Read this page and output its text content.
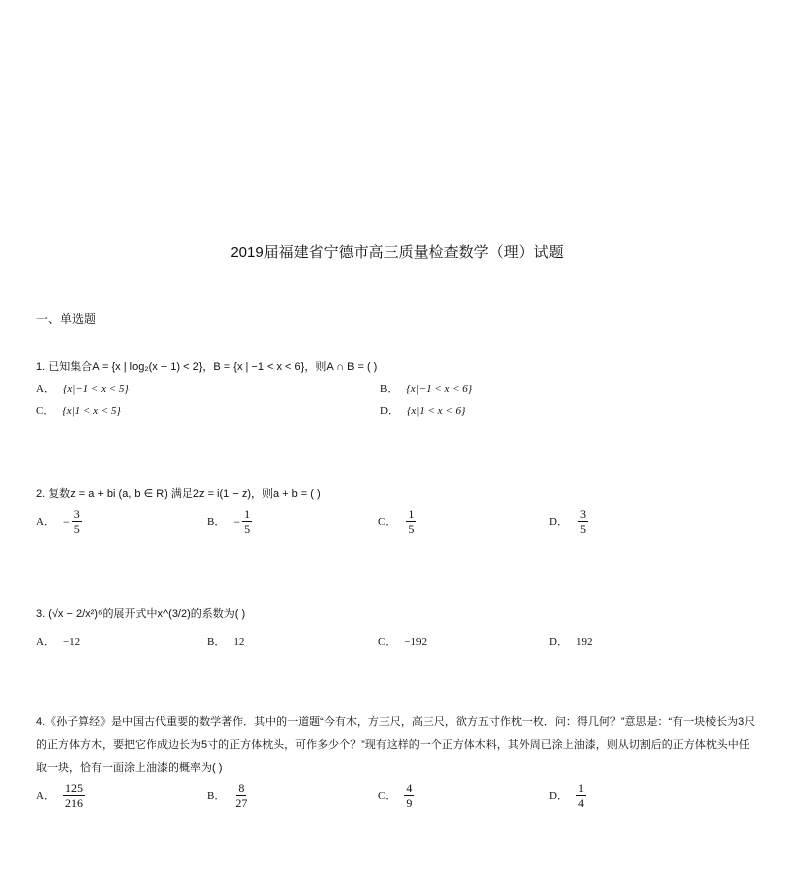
2019届福建省宁德市高三质量检查数学（理）试题
一、单选题
1. 已知集合A = {x | log₂(x − 1) < 2}，B = {x | −1 < x < 6}，则A ∩ B = ( )
A． {x|−1 < x < 5}	B． {x|−1 < x < 6}
C． {x|1 < x < 5}	D． {x|1 < x < 6}
2. 复数z = a + bi (a, b ∈ R) 满足2z = i(1 − z)，则a + b = ( )
A． − $\frac{3}{5}$	B． − $\frac{1}{5}$	C． $\frac{1}{5}$	D． $\frac{3}{5}$
3. (√x − 2/x²)⁶的展开式中x^(3/2)的系数为( )
A． −12	B． 12	C． −192	D． 192
4.《孙子算经》是中国古代重要的数学著作．其中的一道题“今有木，方三尺，高三尺，欲方五寸作枕一枚．问：得几何？”意思是：“有一块棱长为3尺的正方体方木，要把它作成边长为5寸的正方体枕头，可作多少个？”现有这样的一个正方体木料，其外周已涂上油漆，则从切割后的正方体枕头中任取一块，恰有一面涂上油漆的概率为( )
A． $\frac{125}{216}$	B． $\frac{8}{27}$	C． $\frac{4}{9}$	D． $\frac{1}{4}$
